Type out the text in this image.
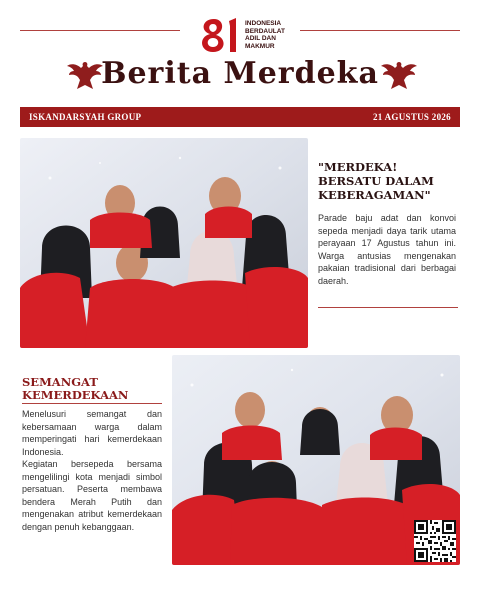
INDONESIA
BERDAULAT
ADIL DAN
MAKMUR
Berita Merdeka
ISKANDARSYAH GROUP	21 AGUSTUS 2026
"MERDEKA! BERSATU DALAM KEBERAGAMAN"
Parade baju adat dan konvoi sepeda menjadi daya tarik utama perayaan 17 Agustus tahun ini. Warga antusias mengenakan pakaian tradisional dari berbagai daerah.
SEMANGAT KEMERDEKAAN
Menelusuri semangat dan kebersamaan warga dalam memperingati hari kemerdekaan Indonesia.
Kegiatan bersepeda bersama mengelilingi kota menjadi simbol persatuan. Peserta membawa bendera Merah Putih dan mengenakan atribut kemerdekaan dengan penuh kebanggaan.
